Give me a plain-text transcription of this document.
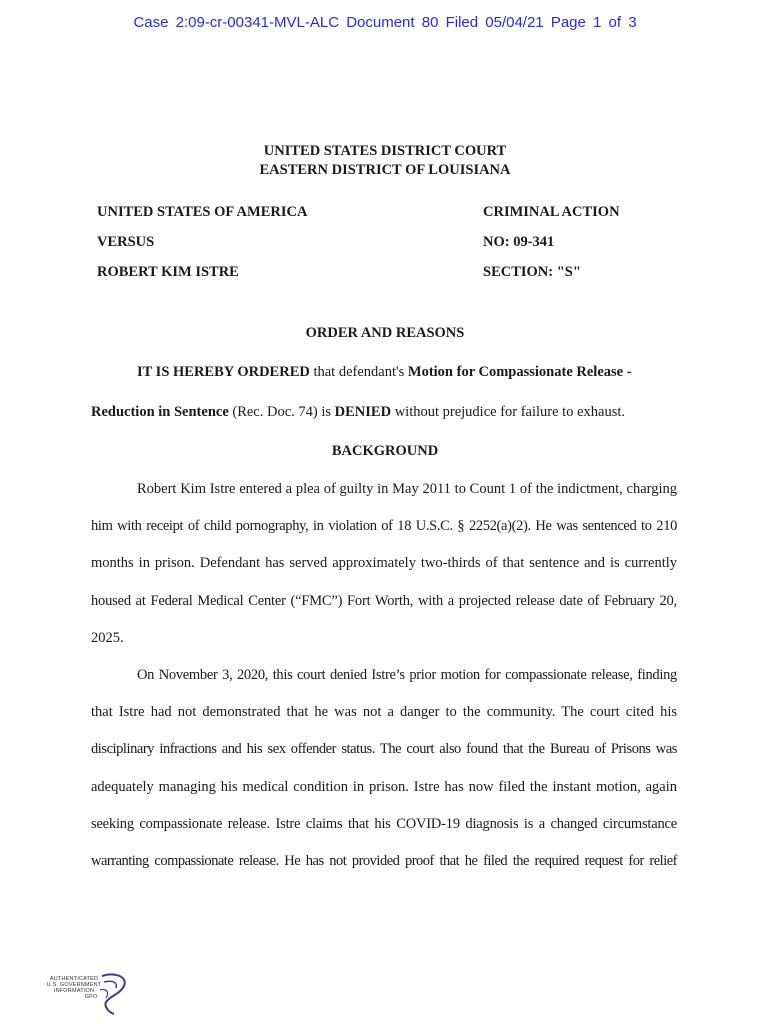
Case 2:09-cr-00341-MVL-ALC Document 80 Filed 05/04/21 Page 1 of 3
UNITED STATES DISTRICT COURT
EASTERN DISTRICT OF LOUISIANA
UNITED STATES OF AMERICA	CRIMINAL ACTION
VERSUS	NO: 09-341
ROBERT KIM ISTRE	SECTION: "S"
ORDER AND REASONS
IT IS HEREBY ORDERED that defendant's Motion for Compassionate Release -
Reduction in Sentence (Rec. Doc. 74) is DENIED without prejudice for failure to exhaust.
BACKGROUND
Robert Kim Istre entered a plea of guilty in May 2011 to Count 1 of the indictment, charging
him with receipt of child pornography, in violation of 18 U.S.C. § 2252(a)(2). He was sentenced to 210
months in prison. Defendant has served approximately two-thirds of that sentence and is currently
housed at Federal Medical Center (“FMC”) Fort Worth, with a projected release date of February 20,
2025.
On November 3, 2020, this court denied Istre’s prior motion for compassionate release, finding
that Istre had not demonstrated that he was not a danger to the community. The court cited his
disciplinary infractions and his sex offender status. The court also found that the Bureau of Prisons was
adequately managing his medical condition in prison. Istre has now filed the instant motion, again
seeking compassionate release. Istre claims that his COVID-19 diagnosis is a changed circumstance
warranting compassionate release. He has not provided proof that he filed the required request for relief
AUTHENTICATED
U.S. GOVERNMENT
INFORMATION
GPO
